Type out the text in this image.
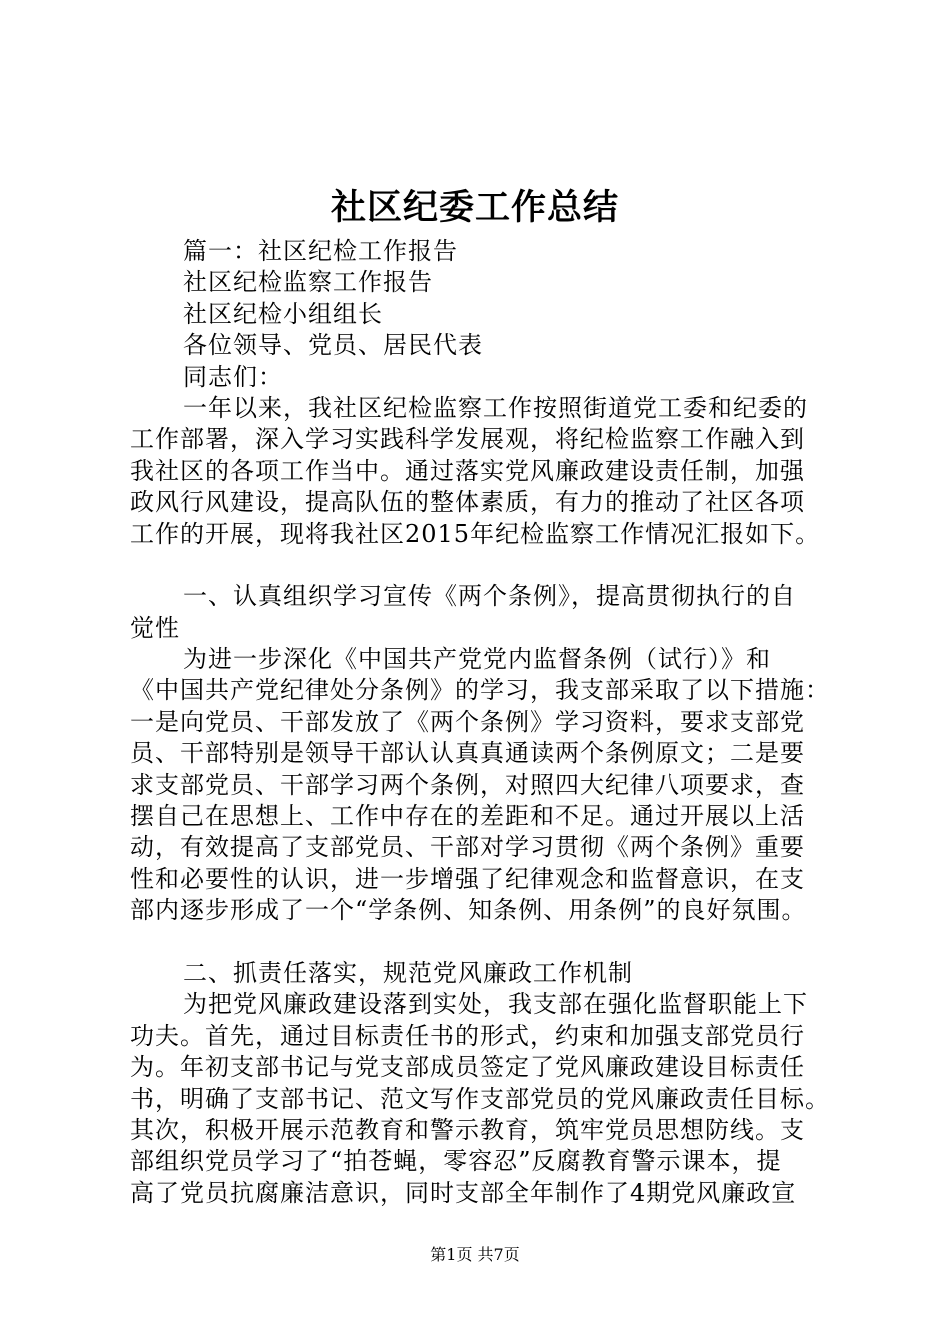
社区纪委工作总结
篇一：社区纪检工作报告
社区纪检监察工作报告
社区纪检小组组长
各位领导、党员、居民代表
同志们：
一年以来，我社区纪检监察工作按照街道党工委和纪委的
工作部署，深入学习实践科学发展观，将纪检监察工作融入到
我社区的各项工作当中。通过落实党风廉政建设责任制，加强
政风行风建设，提高队伍的整体素质，有力的推动了社区各项
工作的开展，现将我社区2015年纪检监察工作情况汇报如下。
一、认真组织学习宣传《两个条例》，提高贯彻执行的自
觉性
为进一步深化《中国共产党党内监督条例（试行）》和
《中国共产党纪律处分条例》的学习，我支部采取了以下措施：
一是向党员、干部发放了《两个条例》学习资料，要求支部党
员、干部特别是领导干部认认真真通读两个条例原文；二是要
求支部党员、干部学习两个条例，对照四大纪律八项要求，查
摆自己在思想上、工作中存在的差距和不足。通过开展以上活
动，有效提高了支部党员、干部对学习贯彻《两个条例》重要
性和必要性的认识，进一步增强了纪律观念和监督意识，在支
部内逐步形成了一个“学条例、知条例、用条例”的良好氛围。
二、抓责任落实，规范党风廉政工作机制
为把党风廉政建设落到实处，我支部在强化监督职能上下
功夫。首先，通过目标责任书的形式，约束和加强支部党员行
为。年初支部书记与党支部成员签定了党风廉政建设目标责任
书，明确了支部书记、范文写作支部党员的党风廉政责任目标。
其次，积极开展示范教育和警示教育，筑牢党员思想防线。支
部组织党员学习了“拍苍蝇，零容忍”反腐教育警示课本，提
高了党员抗腐廉洁意识，同时支部全年制作了4期党风廉政宣
第1页 共7页
